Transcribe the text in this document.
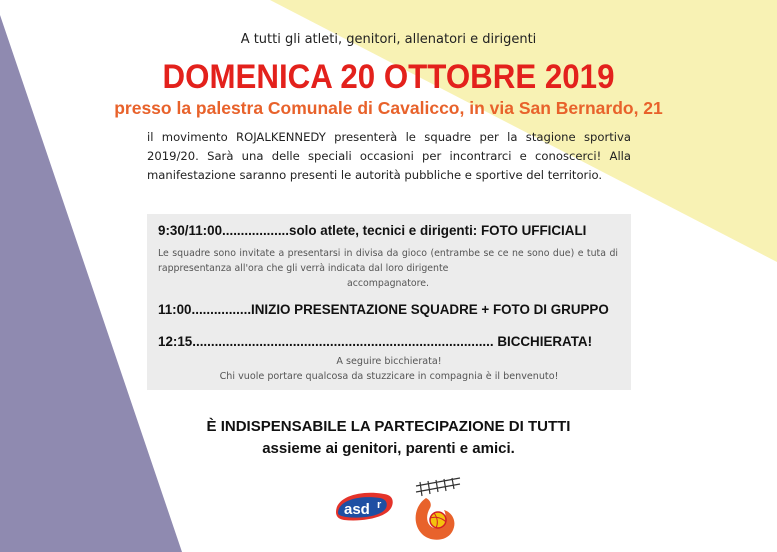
A tutti gli atleti, genitori, allenatori e dirigenti
DOMENICA 20 OTTOBRE 2019
presso la palestra Comunale di Cavalicco, in via San Bernardo, 21
il movimento ROJALKENNEDY presenterà le squadre per la stagione sportiva 2019/20. Sarà una delle speciali occasioni per incontrarci e conoscerci! Alla manifestazione saranno presenti le autorità pubbliche e sportive del territorio.
9:30/11:00..................solo atlete, tecnici e dirigenti: FOTO UFFICIALI
Le squadre sono invitate a presentarsi in divisa da gioco (entrambe se ce ne sono due) e tuta di rappresentanza all'ora che gli verrà indicata dal loro dirigente
accompagnatore.
11:00................INIZIO PRESENTAZIONE SQUADRE + FOTO DI GRUPPO
12:15................................................................................. BICCHIERATA!
A seguire bicchierata!
Chi vuole portare qualcosa da stuzzicare in compagnia è il benvenuto!
È INDISPENSABILE LA PARTECIPAZIONE DI TUTTI
assieme ai genitori, parenti e amici.
asd r
